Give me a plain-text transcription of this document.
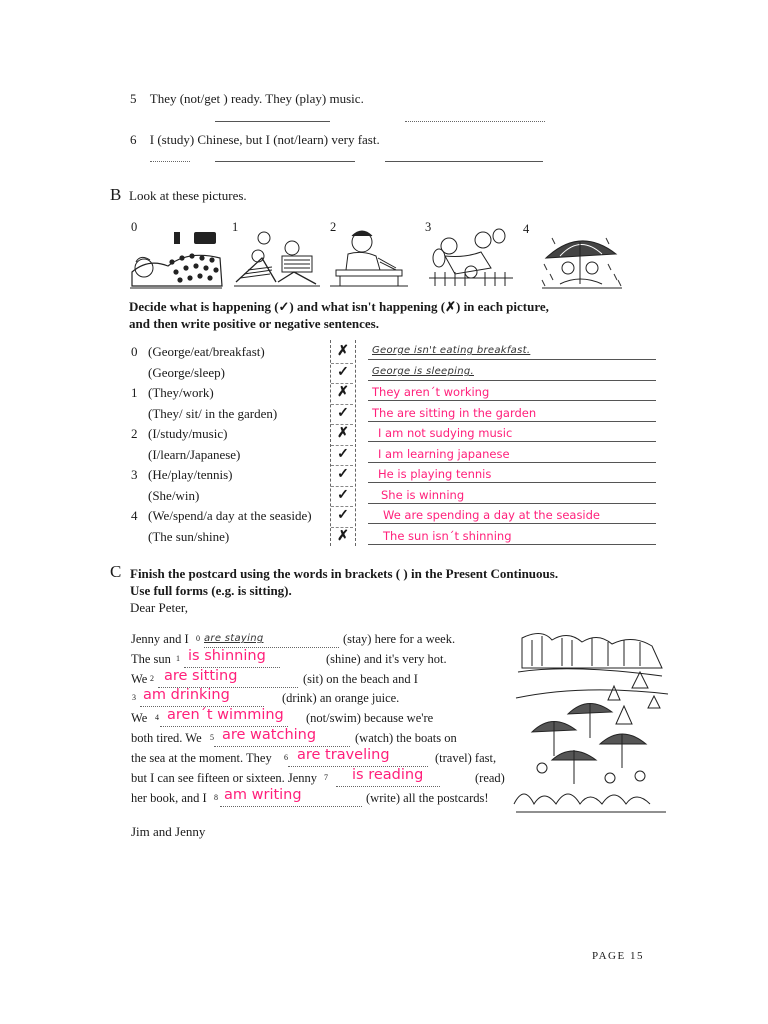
5 They (not/get ) ready. They (play) music.
6 I (study) Chinese, but I (not/learn) very fast.
B Look at these pictures.
0	1	2	3	4
Decide what is happening (✓) and what isn't happening (✗) in each picture,
and then write positive or negative sentences.
0 (George/eat/breakfast)	✗	George isn't eating breakfast.
(George/sleep)	✓	George is sleeping.
1 (They/work)	✗ They aren´t working
(They/ sit/ in the garden)	✓ The are sitting in the garden
2 (I/study/music)	✗	I am not sudying music
(I/learn/Japanese)	✓	I am learning japanese
3 (He/play/tennis)	✓	He is playing tennis
(She/win)	✓	She is winning
4 (We/spend/a day at the seaside) ✓	We are spending a day at the seaside
(The sun/shine)	✗	The sun isn´t shinning
C Finish the postcard using the words in brackets ( ) in the Present Continuous.
Use full forms (e.g. is sitting).
Dear Peter,
Jenny and I 0 are staying	(stay) here for a week.
The sun 1 is shinning	(shine) and it's very hot.
We 2 are sitting	(sit) on the beach and I
3 am drinking	(drink) an orange juice.
We 4 aren´t wimming (not/swim) because we're
both tired. We 5 are watching	(watch) the boats on
the sea at the moment. They 6 are traveling	(travel) fast,
but I can see fifteen or sixteen. Jenny 7 is reading	(read)
her book, and I 8 am writing	(write) all the postcards!
Jim and Jenny
PAGE 15
